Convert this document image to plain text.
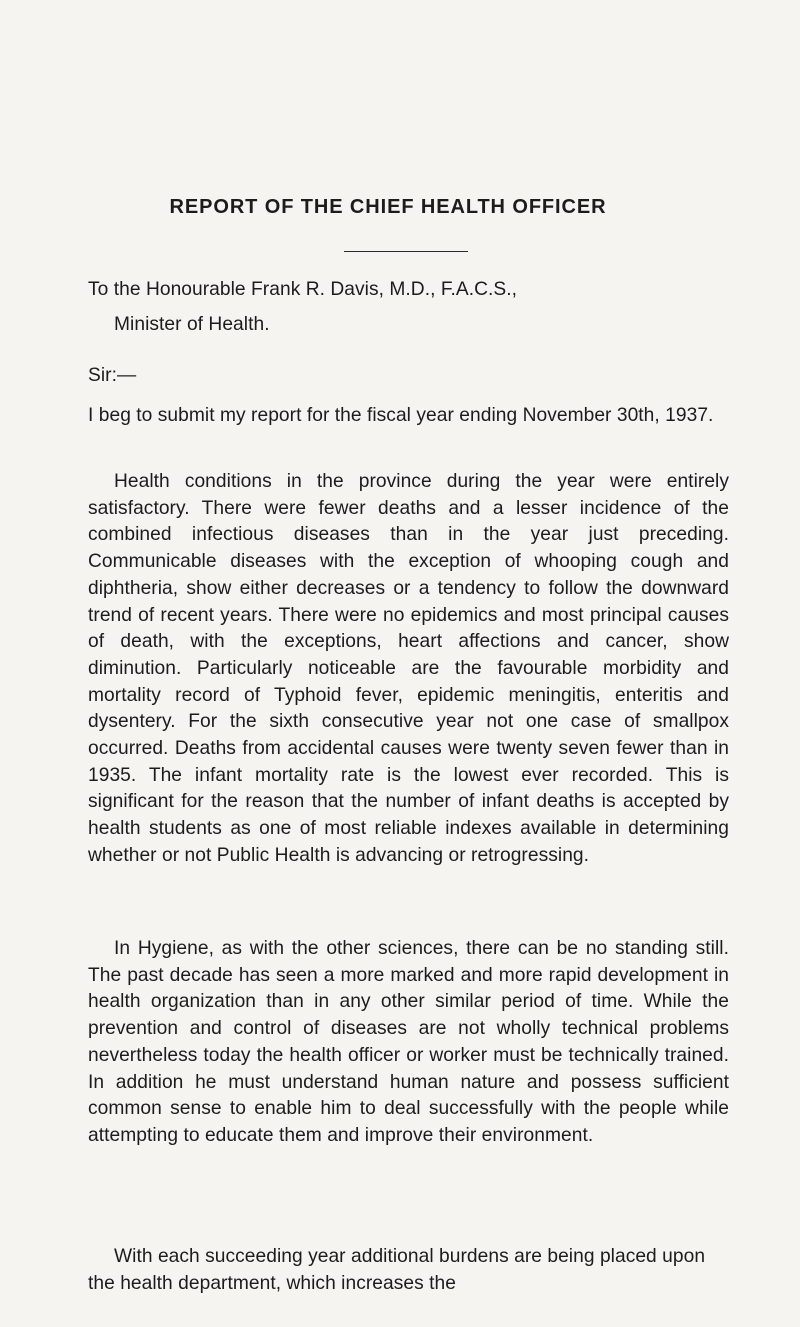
REPORT OF THE CHIEF HEALTH OFFICER
To the Honourable Frank R. Davis, M.D., F.A.C.S.,
Minister of Health.
Sir:—

I beg to submit my report for the fiscal year ending November 30th, 1937.

Health conditions in the province during the year were entirely satisfactory. There were fewer deaths and a lesser incidence of the combined infectious diseases than in the year just preceding. Communicable diseases with the exception of whooping cough and diphtheria, show either decreases or a tendency to follow the downward trend of recent years. There were no epidemics and most principal causes of death, with the exceptions, heart affections and cancer, show diminution. Particularly noticeable are the favourable morbidity and mortality record of Typhoid fever, epidemic meningitis, enteritis and dysentery. For the sixth consecutive year not one case of smallpox occurred. Deaths from accidental causes were twenty seven fewer than in 1935. The infant mortality rate is the lowest ever recorded. This is significant for the reason that the number of infant deaths is accepted by health students as one of most reliable indexes available in determining whether or not Public Health is advancing or retrogressing.

In Hygiene, as with the other sciences, there can be no standing still. The past decade has seen a more marked and more rapid development in health organization than in any other similar period of time. While the prevention and control of diseases are not wholly technical problems nevertheless today the health officer or worker must be technically trained. In addition he must understand human nature and possess sufficient common sense to enable him to deal successfully with the people while attempting to educate them and improve their environment.

With each succeeding year additional burdens are being placed upon the health department, which increases the
